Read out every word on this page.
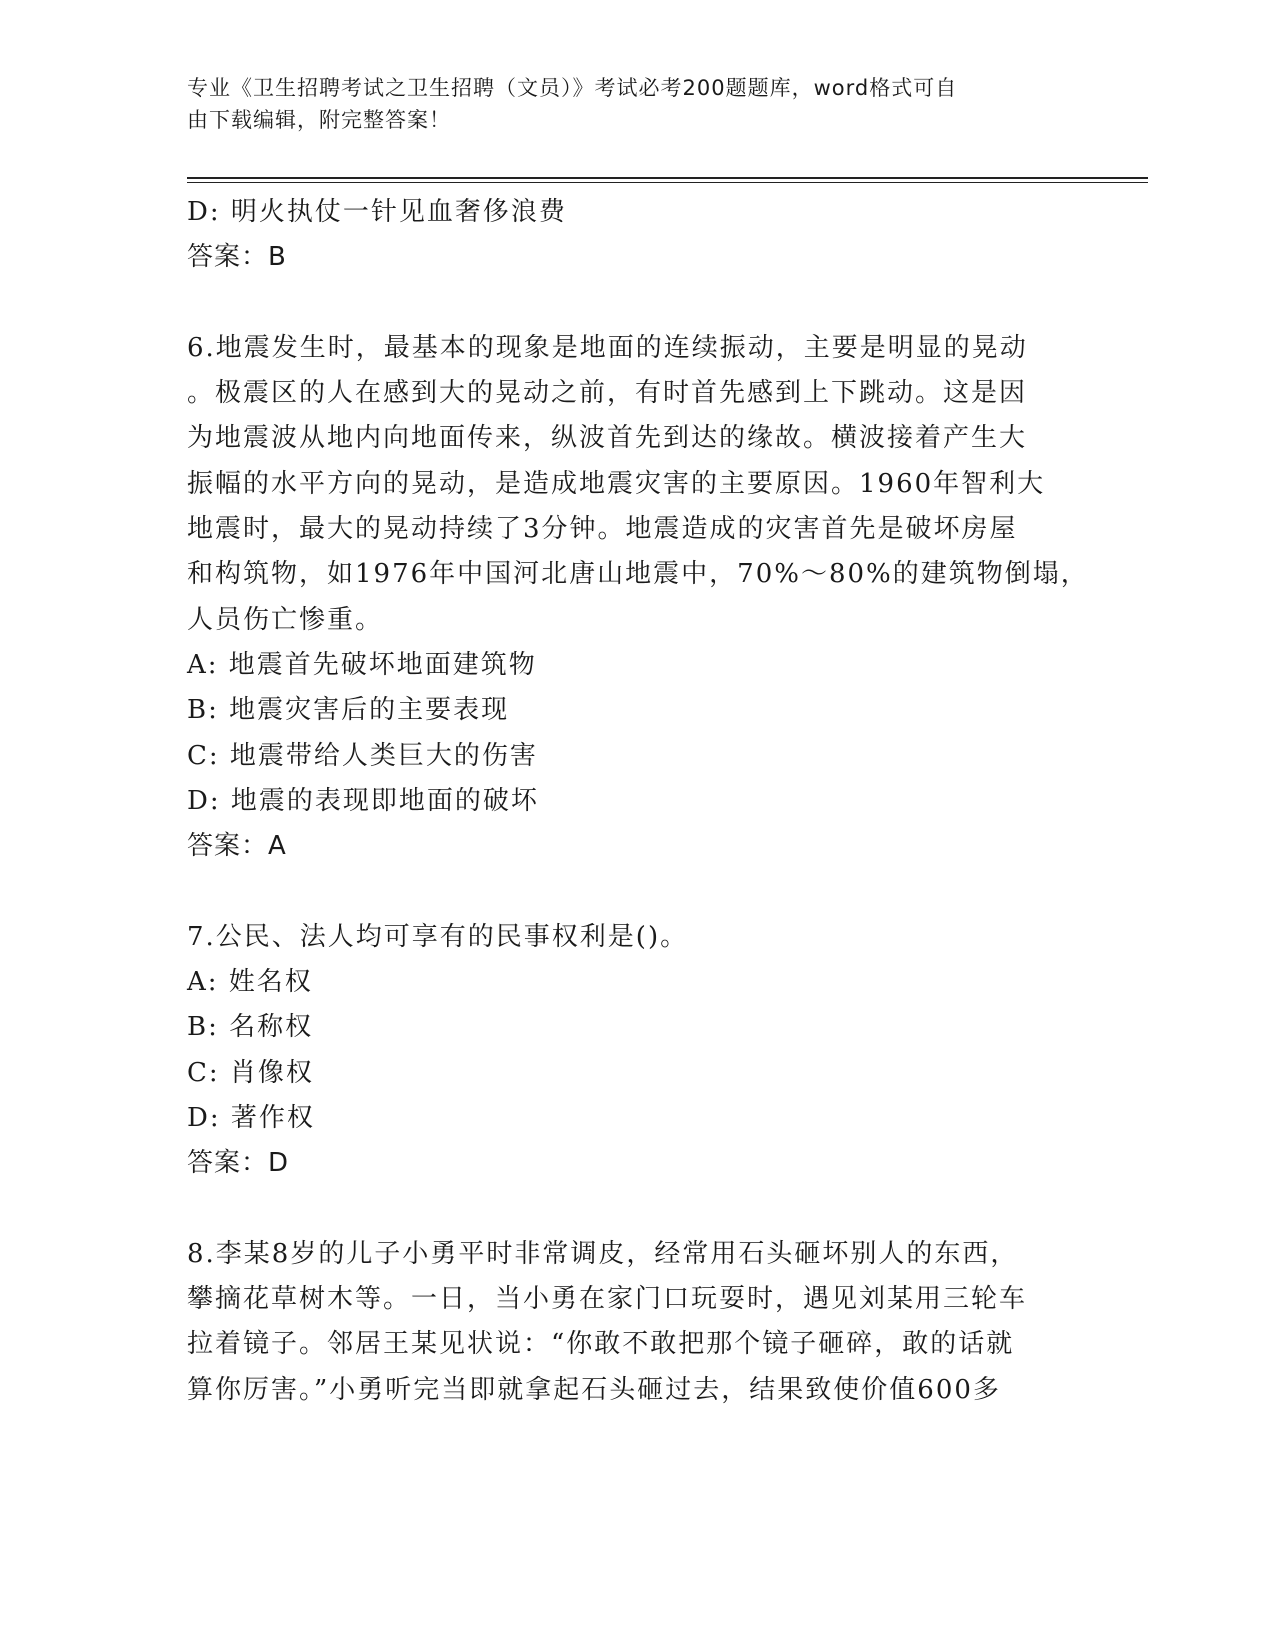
专业《卫生招聘考试之卫生招聘（文员）》考试必考200题题库，word格式可自
由下载编辑，附完整答案！
D: 明火执仗一针见血奢侈浪费
答案：B
6.地震发生时，最基本的现象是地面的连续振动，主要是明显的晃动
。极震区的人在感到大的晃动之前，有时首先感到上下跳动。这是因
为地震波从地内向地面传来，纵波首先到达的缘故。横波接着产生大
振幅的水平方向的晃动，是造成地震灾害的主要原因。1960年智利大
地震时，最大的晃动持续了3分钟。地震造成的灾害首先是破坏房屋
和构筑物，如1976年中国河北唐山地震中，70%～80%的建筑物倒塌，
人员伤亡惨重。
A: 地震首先破坏地面建筑物
B: 地震灾害后的主要表现
C: 地震带给人类巨大的伤害
D: 地震的表现即地面的破坏
答案：A
7.公民、法人均可享有的民事权利是()。
A: 姓名权
B: 名称权
C: 肖像权
D: 著作权
答案：D
8.李某8岁的儿子小勇平时非常调皮，经常用石头砸坏别人的东西，
攀摘花草树木等。一日，当小勇在家门口玩耍时，遇见刘某用三轮车
拉着镜子。邻居王某见状说：“你敢不敢把那个镜子砸碎，敢的话就
算你厉害。”小勇听完当即就拿起石头砸过去，结果致使价值600多
